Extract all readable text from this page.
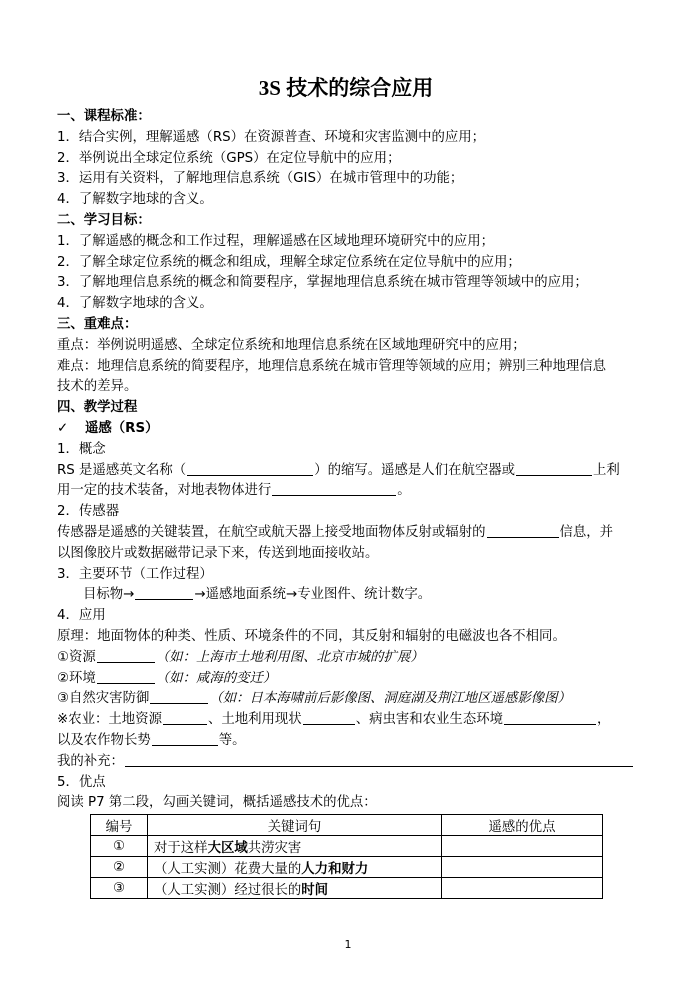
3S 技术的综合应用
一、课程标准：
1．结合实例，理解遥感（RS）在资源普查、环境和灾害监测中的应用；
2．举例说出全球定位系统（GPS）在定位导航中的应用；
3．运用有关资料，了解地理信息系统（GIS）在城市管理中的功能；
4．了解数字地球的含义。
二、学习目标：
1．了解遥感的概念和工作过程，理解遥感在区域地理环境研究中的应用；
2．了解全球定位系统的概念和组成，理解全球定位系统在定位导航中的应用；
3．了解地理信息系统的概念和简要程序，掌握地理信息系统在城市管理等领域中的应用；
4．了解数字地球的含义。
三、重难点：
重点：举例说明遥感、全球定位系统和地理信息系统在区域地理研究中的应用；
难点：地理信息系统的简要程序，地理信息系统在城市管理等领域的应用；辨别三种地理信息
技术的差异。
四、教学过程
✓ 遥感（RS）
1．概念
RS 是遥感英文名称（	）的缩写。遥感是人们在航空器或	上利
用一定的技术装备，对地表物体进行	。
2．传感器
传感器是遥感的关键装置，在航空或航天器上接受地面物体反射或辐射的	信息，并
以图像胶片或数据磁带记录下来，传送到地面接收站。
3．主要环节（工作过程）
目标物→	→遥感地面系统→专业图件、统计数字。
4．应用
原理：地面物体的种类、性质、环境条件的不同，其反射和辐射的电磁波也各不相同。
①资源	（如：上海市土地利用图、北京市城的扩展）
②环境	（如：咸海的变迁）
③自然灾害防御	（如：日本海啸前后影像图、洞庭湖及荆江地区遥感影像图）
※农业：土地资源	、土地利用现状	、病虫害和农业生态环境	，
以及农作物长势	等。
我的补充：
5．优点
阅读 P7 第二段，勾画关键词，概括遥感技术的优点：
编号	关键词句	遥感的优点
①	对于这样大区域共涝灾害	
②	（人工实测）花费大量的人力和财力	
③	（人工实测）经过很长的时间	
1
